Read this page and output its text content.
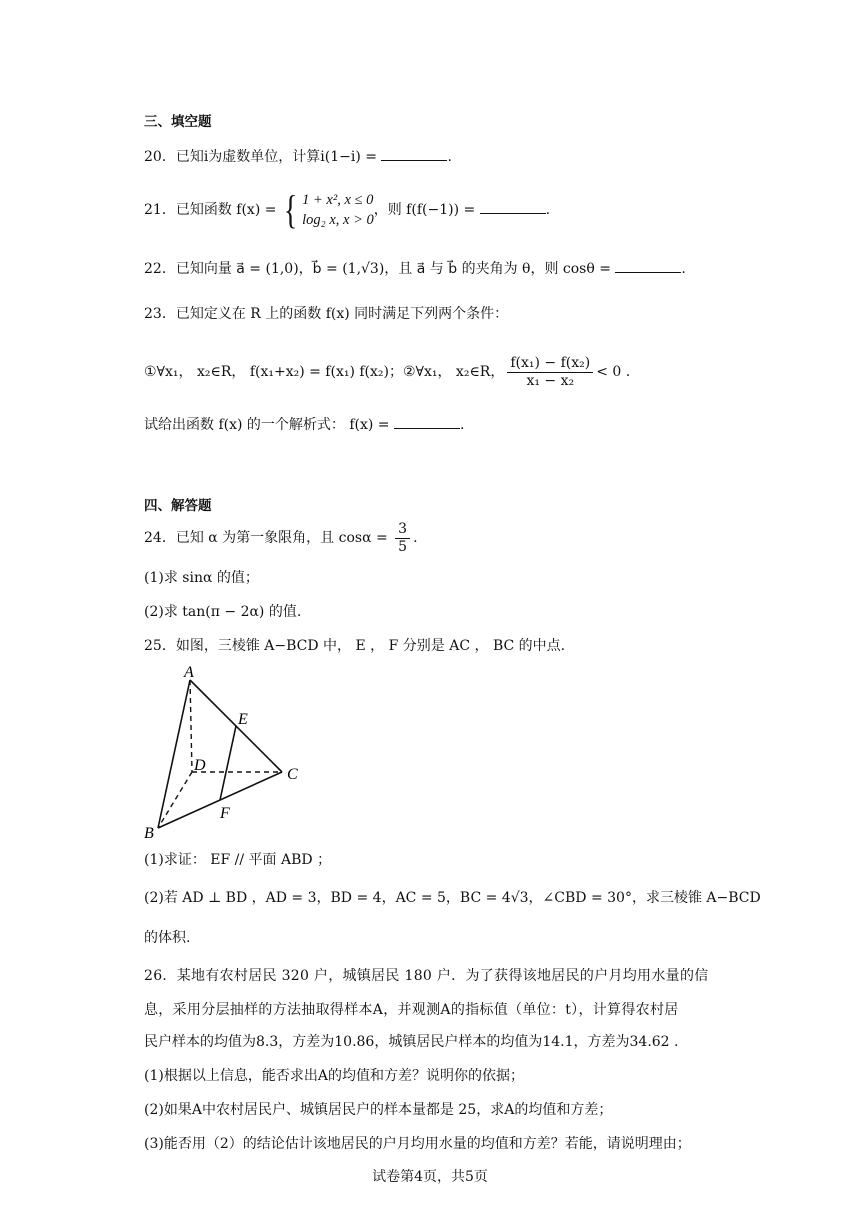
三、填空题
20．已知i为虚数单位，计算i(1−i) =	.
21．已知函数 f(x) = { 1 + x², x ≤ 0
log₂ x, x > 0
，则 f(f(−1)) =	.
22．已知向量 a⃗ = (1,0)，b⃗ = (1,√3)，且 a⃗ 与 b⃗ 的夹角为 θ，则 cosθ =	.
23．已知定义在 R 上的函数 f(x) 同时满足下列两个条件：
①∀x₁， x₂∈R， f(x₁+x₂) = f(x₁) f(x₂)；②∀x₁， x₂∈R， $\frac{\text{f(x₁) − f(x₂)}}{\text{x₁ − x₂}} < 0$ .
试给出函数 f(x) 的一个解析式： f(x) =	.
四、解答题
24．已知 α 为第一象限角，且 $\cos\alpha = \frac{3}{5}$ .
(1)求 sinα 的值；
(2)求 tan(π − 2α) 的值.
25．如图，三棱锥 A−BCD 中， E ， F 分别是 AC ， BC 的中点.
A
B
C
D
E
F
(1)求证： EF // 平面 ABD ；
(2)若 AD ⊥ BD ，AD = 3，BD = 4，AC = 5，BC = 4√3，∠CBD = 30°，求三棱锥 A−BCD
的体积.
26．某地有农村居民 320 户，城镇居民 180 户．为了获得该地居民的户月均用水量的信
息，采用分层抽样的方法抽取得样本A，并观测A的指标值（单位：t），计算得农村居
民户样本的均值为8.3，方差为10.86，城镇居民户样本的均值为14.1，方差为34.62 .
(1)根据以上信息，能否求出A的均值和方差？说明你的依据；
(2)如果A中农村居民户、城镇居民户的样本量都是 25，求A的均值和方差；
(3)能否用（2）的结论估计该地居民的户月均用水量的均值和方差？若能，请说明理由；
试卷第4页，共5页
